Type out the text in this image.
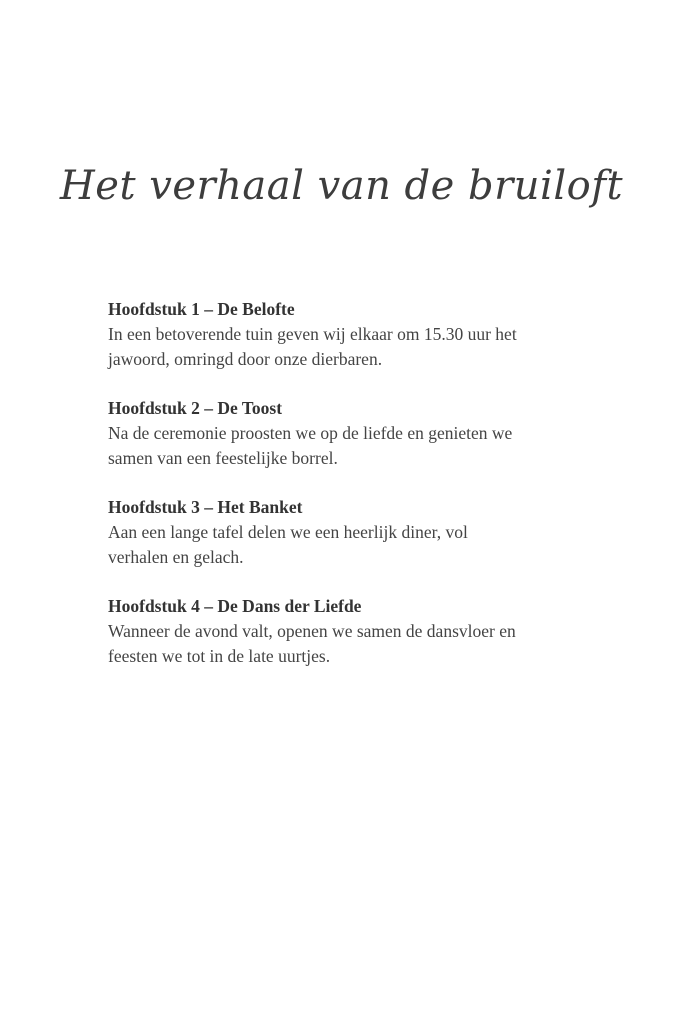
Het verhaal van de bruiloft

Hoofdstuk 1 – De Belofte

In een betoverende tuin geven wij elkaar om 15.30 uur het

jawoord, omringd door onze dierbaren.

Hoofdstuk 2 – De Toost

Na de ceremonie proosten we op de liefde en genieten we

samen van een feestelijke borrel.

Hoofdstuk 3 – Het Banket

Aan een lange tafel delen we een heerlijk diner, vol

verhalen en gelach.

Hoofdstuk 4 – De Dans der Liefde

Wanneer de avond valt, openen we samen de dansvloer en

feesten we tot in de late uurtjes.
